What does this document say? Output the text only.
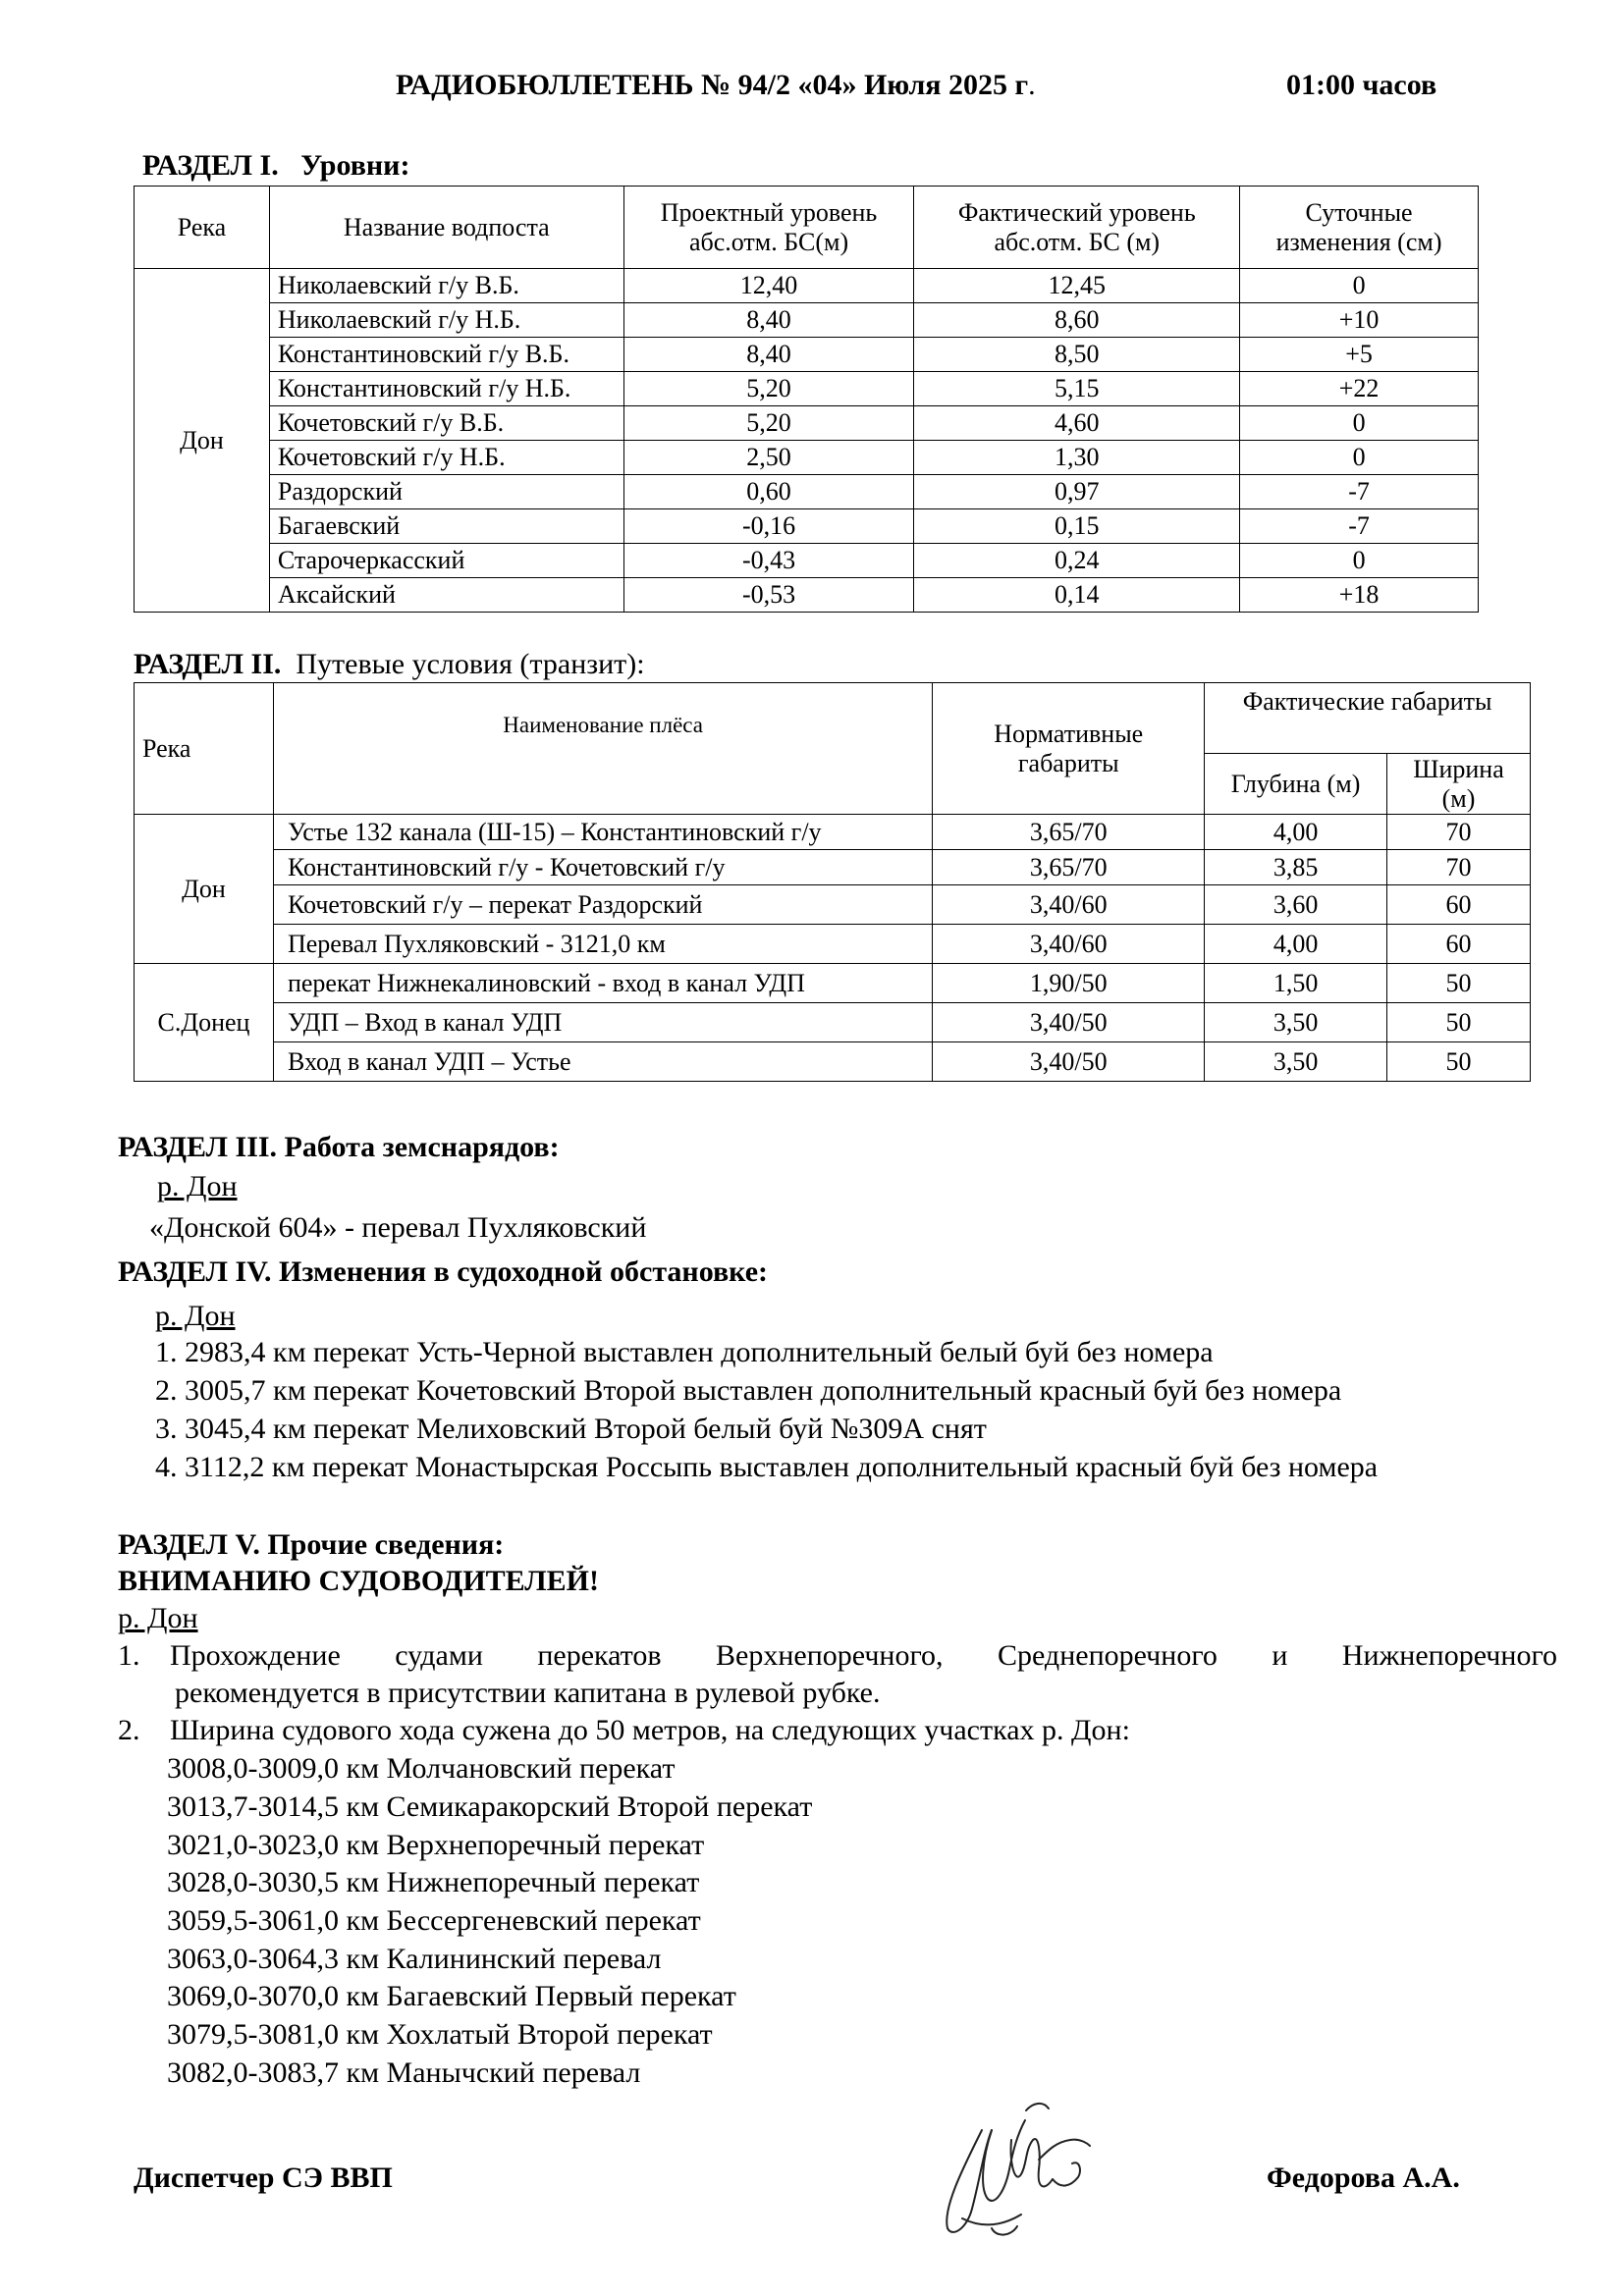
РАДИОБЮЛЛЕТЕНЬ № 94/2 «04» Июля 2025 г.	01:00 часов
РАЗДЕЛ I. Уровни:
Река	Название водпоста	Проектный уровень абс.отм. БС(м)	Фактический уровень абс.отм. БС (м)	Суточные изменения (см)
Дон	Николаевский г/у В.Б.	12,40	12,45	0
	Николаевский г/у Н.Б.	8,40	8,60	+10
	Константиновский г/у В.Б.	8,40	8,50	+5
	Константиновский г/у Н.Б.	5,20	5,15	+22
	Кочетовский г/у В.Б.	5,20	4,60	0
	Кочетовский г/у Н.Б.	2,50	1,30	0
	Раздорский	0,60	0,97	-7
	Багаевский	-0,16	0,15	-7
	Старочеркасский	-0,43	0,24	0
	Аксайский	-0,53	0,14	+18
РАЗДЕЛ II. Путевые условия (транзит):
Река	Наименование плёса	Нормативные габариты	Фактические габариты	
			Глубина (м)	Ширина (м)
Дон	Устье 132 канала (Ш-15) – Константиновский г/у	3,65/70	4,00	70
	Константиновский г/у - Кочетовский г/у	3,65/70	3,85	70
	Кочетовский г/у – перекат Раздорский	3,40/60	3,60	60
	Перевал Пухляковский - 3121,0 км	3,40/60	4,00	60
С.Донец	перекат Нижнекалиновский - вход в канал УДП	1,90/50	1,50	50
	УДП – Вход в канал УДП	3,40/50	3,50	50
	Вход в канал УДП – Устье	3,40/50	3,50	50
РАЗДЕЛ III. Работа земснарядов:
р. Дон
«Донской 604» - перевал Пухляковский
РАЗДЕЛ IV. Изменения в судоходной обстановке:
р. Дон
1. 2983,4 км перекат Усть-Черной выставлен дополнительный белый буй без номера
2. 3005,7 км перекат Кочетовский Второй выставлен дополнительный красный буй без номера
3. 3045,4 км перекат Мелиховский Второй белый буй №309А снят
4. 3112,2 км перекат Монастырская Россыпь выставлен дополнительный красный буй без номера
РАЗДЕЛ V. Прочие сведения:
ВНИМАНИЮ СУДОВОДИТЕЛЕЙ!
р. Дон
1. Прохождение судами перекатов Верхнепоречного, Среднепоречного и Нижнепоречного
рекомендуется в присутствии капитана в рулевой рубке.
2. Ширина судового хода сужена до 50 метров, на следующих участках р. Дон:
3008,0-3009,0 км Молчановский перекат
3013,7-3014,5 км Семикаракорский Второй перекат
3021,0-3023,0 км Верхнепоречный перекат
3028,0-3030,5 км Нижнепоречный перекат
3059,5-3061,0 км Бессергеневский перекат
3063,0-3064,3 км Калининский перевал
3069,0-3070,0 км Багаевский Первый перекат
3079,5-3081,0 км Хохлатый Второй перекат
3082,0-3083,7 км Манычский перевал
Диспетчер СЭ ВВП	Федорова А.А.
